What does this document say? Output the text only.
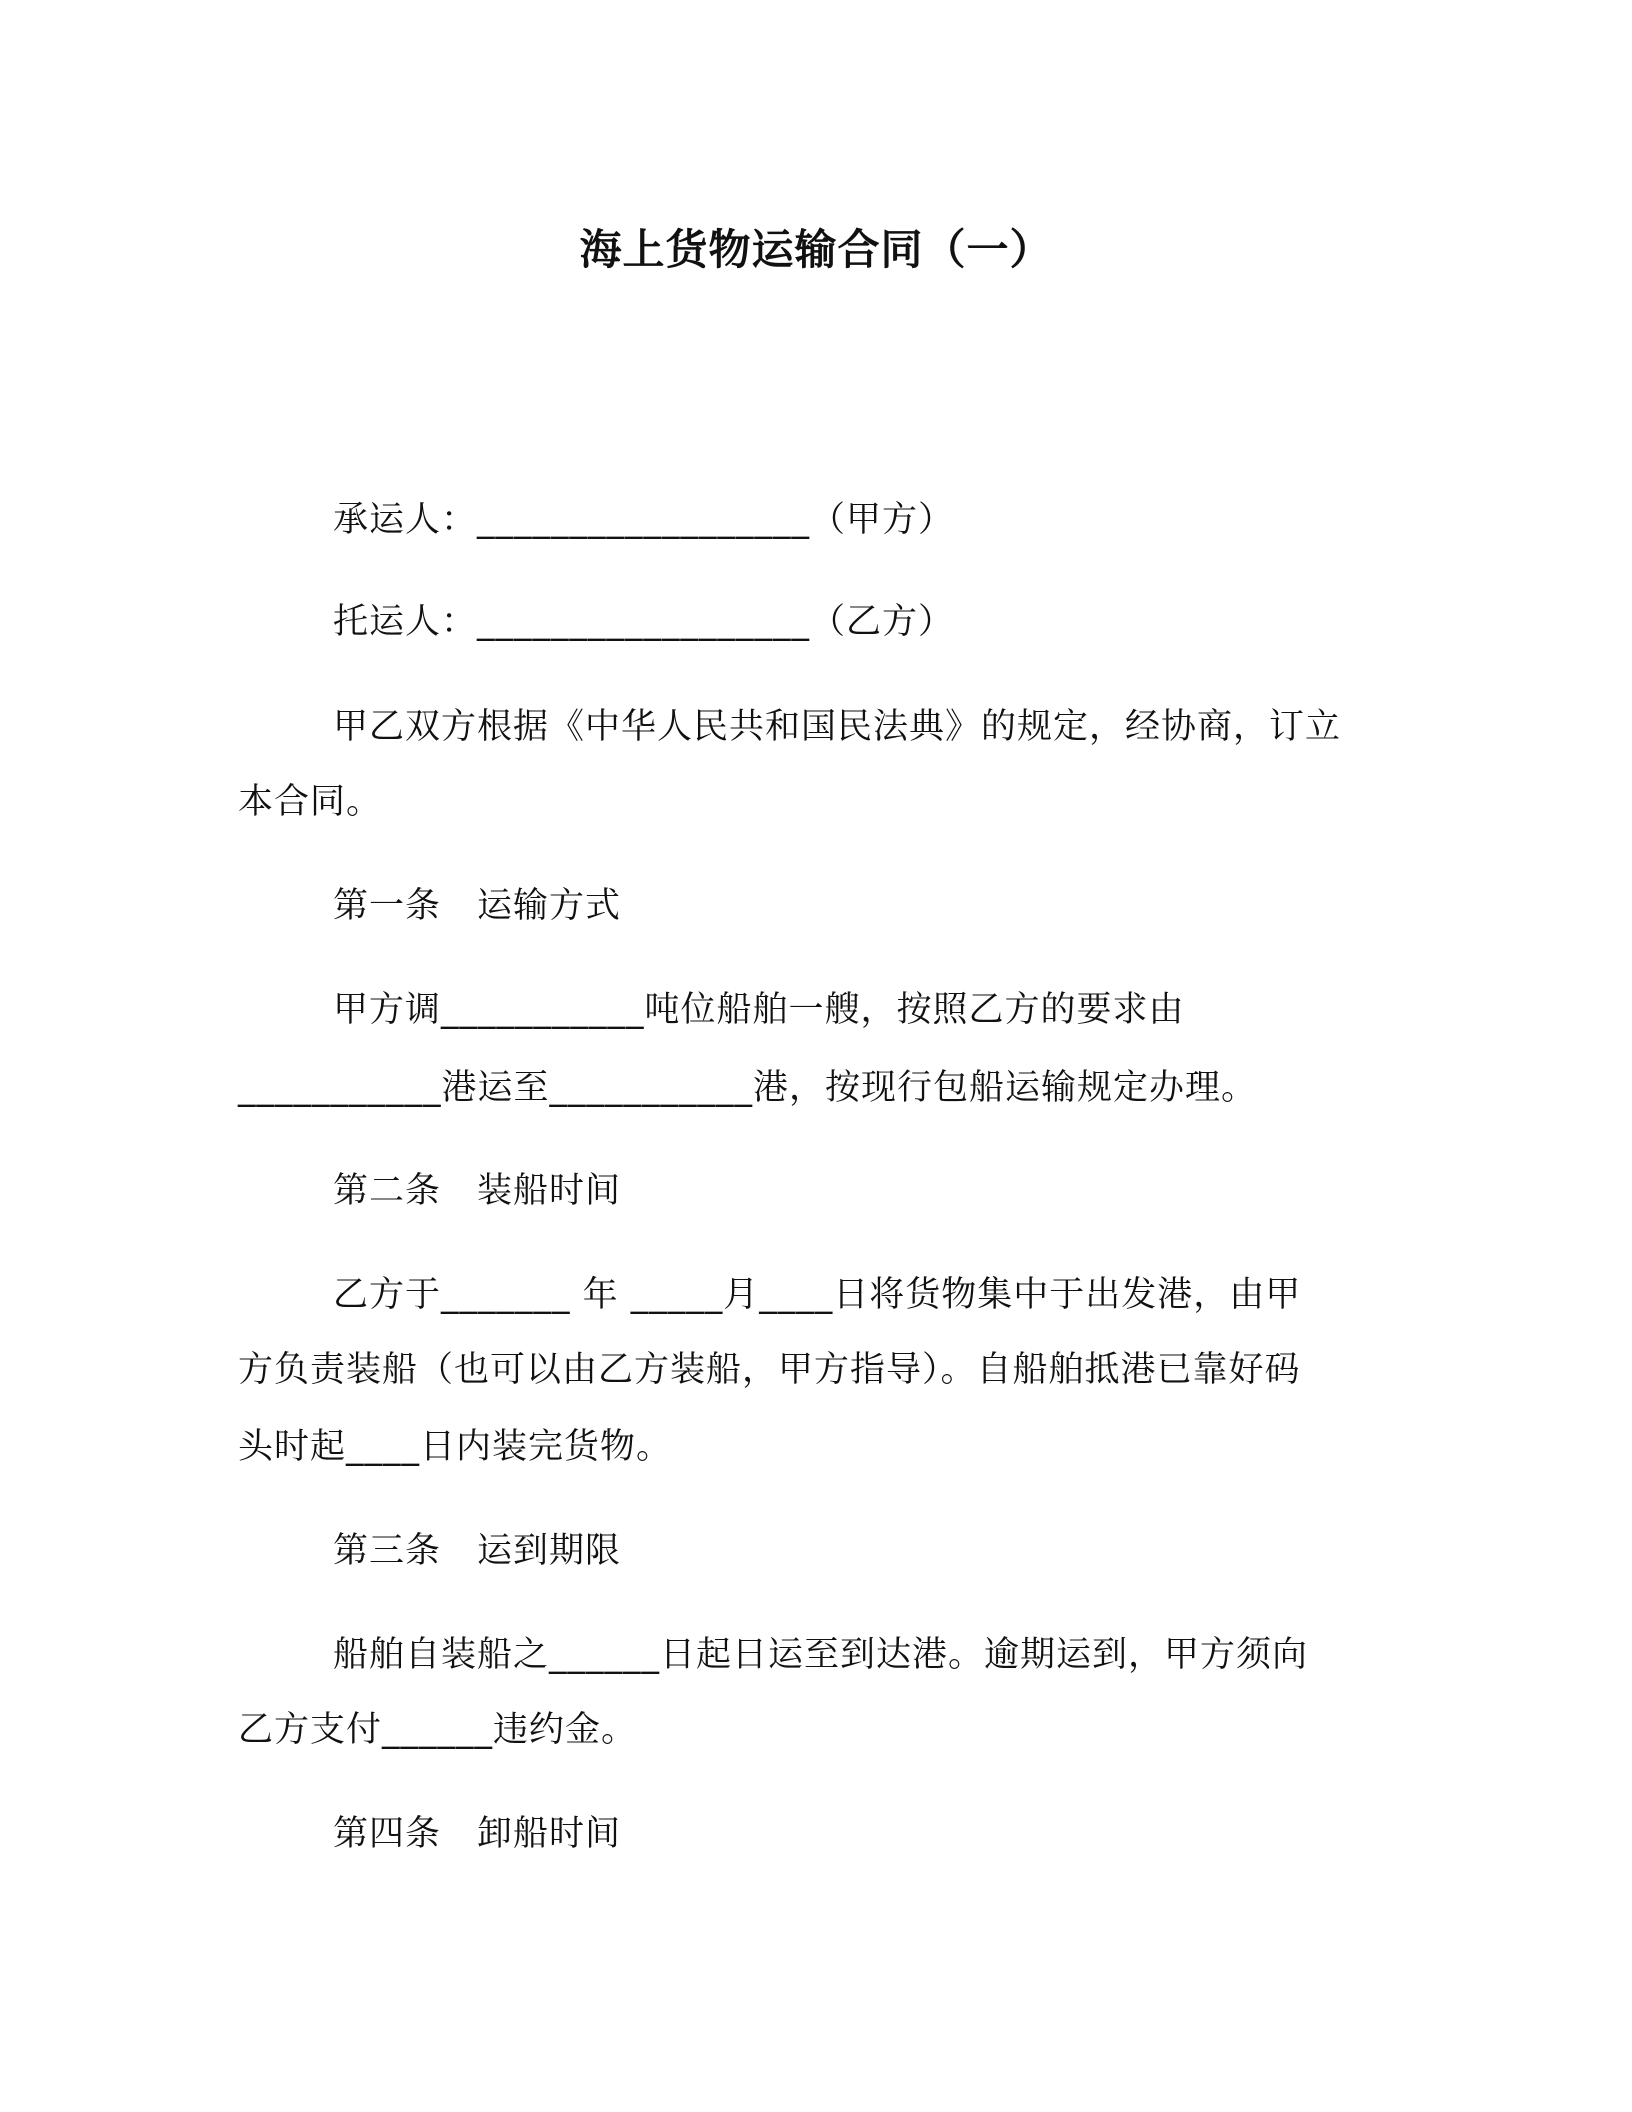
海上货物运输合同（一）
承运人：__________________（甲方）
托运人：__________________（乙方）
甲乙双方根据《中华人民共和国民法典》的规定，经协商，订立
本合同。
第一条　运输方式
甲方调___________吨位船舶一艘，按照乙方的要求由
___________港运至___________港，按现行包船运输规定办理。
第二条　装船时间
乙方于_______ 年 _____月____日将货物集中于出发港，由甲
方负责装船（也可以由乙方装船，甲方指导）。自船舶抵港已靠好码
头时起____日内装完货物。
第三条　运到期限
船舶自装船之______日起日运至到达港。逾期运到，甲方须向
乙方支付______违约金。
第四条　卸船时间
